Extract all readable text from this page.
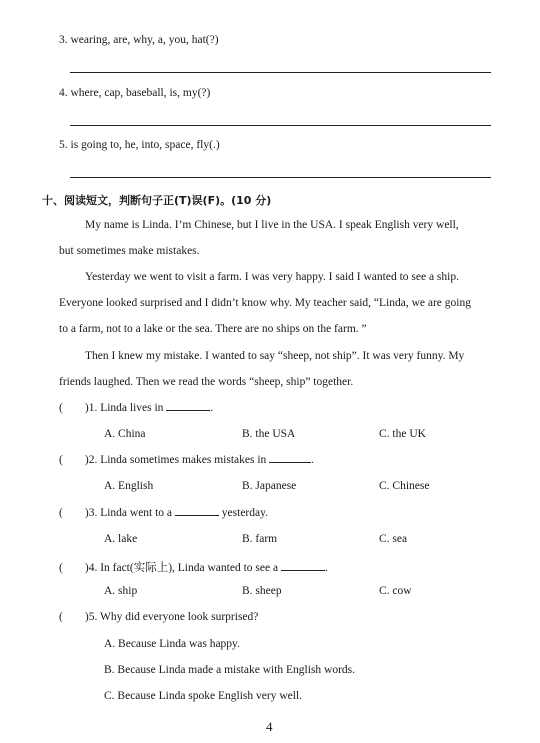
3. wearing, are, why, a, you, hat(?)
4. where, cap, baseball, is, my(?)
5. is going to, he, into, space, fly(.)
十、阅读短文，判断句子正(T)误(F)。(10 分)
My name is Linda. I’m Chinese, but I live in the USA. I speak English very well,
but sometimes make mistakes.
Yesterday we went to visit a farm. I was very happy. I said I wanted to see a ship.
Everyone looked surprised and I didn’t know why. My teacher said, “Linda, we are going
to a farm, not to a lake or the sea. There are no ships on the farm. ”
Then I knew my mistake. I wanted to say “sheep, not ship”. It was very funny. My
friends laughed. Then we read the words “sheep, ship” together.
( )1. Linda lives in	.
A. China	B. the USA	C. the UK
( )2. Linda sometimes makes mistakes in	.
A. English	B. Japanese	C. Chinese
( )3. Linda went to a	yesterday.
A. lake	B. farm	C. sea
( )4. In fact(实际上), Linda wanted to see a	.
A. ship	B. sheep	C. cow
( )5. Why did everyone look surprised?
A. Because Linda was happy.
B. Because Linda made a mistake with English words.
C. Because Linda spoke English very well.
4
